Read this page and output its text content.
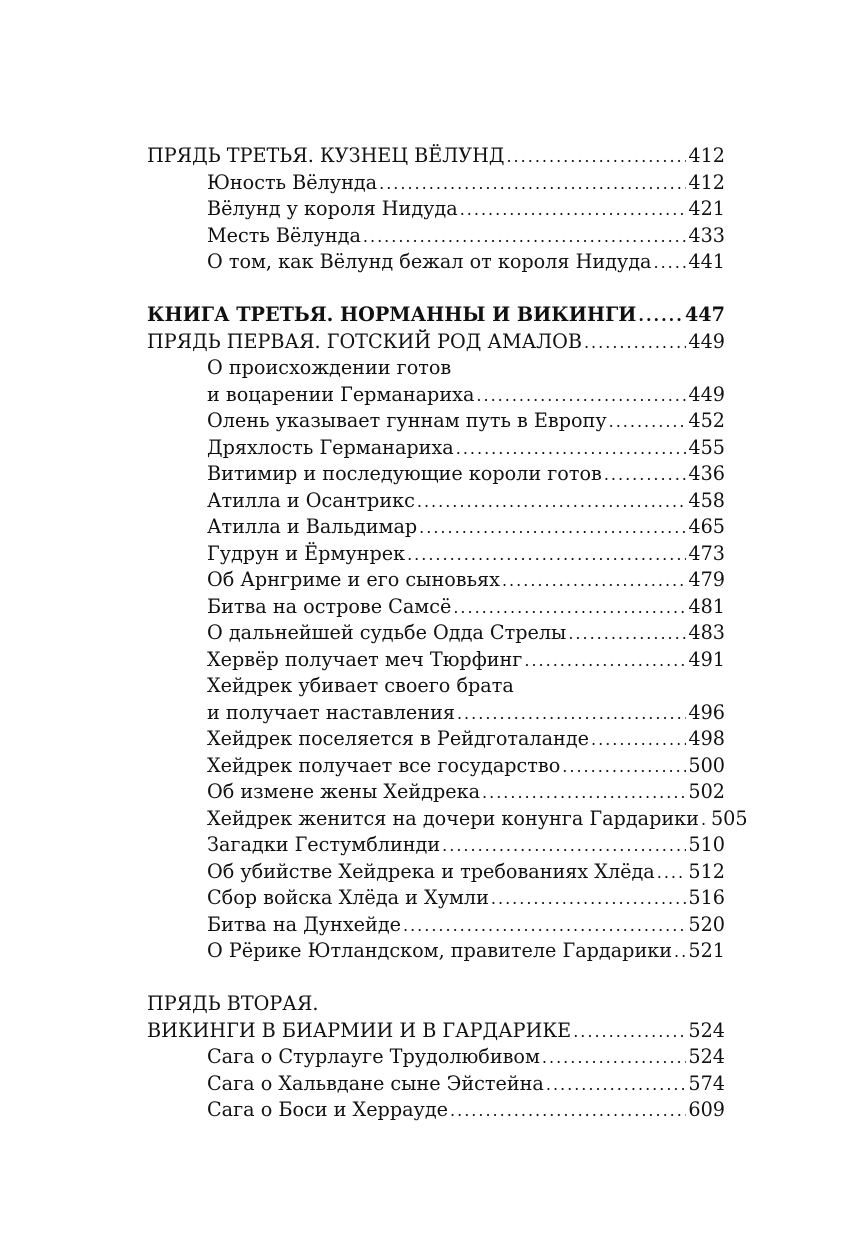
ПРЯДЬ ТРЕТЬЯ. КУЗНЕЦ ВЁЛУНД .....	412
Юность Вёлунда .....	412
Вёлунд у короля Нидуда .....	421
Месть Вёлунда .....	433
О том, как Вёлунд бежал от короля Нидуда ..... 441
КНИГА ТРЕТЬЯ. НОРМАННЫ И ВИКИНГИ .....	447
ПРЯДЬ ПЕРВАЯ. ГОТСКИЙ РОД АМАЛОВ .....	449
О происхождении готов
и воцарении Германариха .....	449
Олень указывает гуннам путь в Европу .....	452
Дряхлость Германариха .....	455
Витимир и последующие короли готов .....	436
Атилла и Осантрикс .....	458
Атилла и Вальдимар .....	465
Гудрун и Ёрмунрек .....	473
Об Арнгриме и его сыновьях .....	479
Битва на острове Самсё .....	481
О дальнейшей судьбе Одда Стрелы .....	483
Хервёр получает меч Тюрфинг .....	491
Хейдрек убивает своего брата
и получает наставления .....	496
Хейдрек поселяется в Рейдготаланде .....	498
Хейдрек получает все государство .....	500
Об измене жены Хейдрека .....	502
Хейдрек женится на дочери конунга Гардарики ..... 505
Загадки Гестумблинди .....	510
Об убийстве Хейдрека и требованиях Хлёда ..... 512
Сбор войска Хлёда и Хумли .....	516
Битва на Дунхейде .....	520
О Рёрике Ютландском, правителе Гардарики ..... 521
ПРЯДЬ ВТОРАЯ.
ВИКИНГИ В БИАРМИИ И В ГАРДАРИКЕ .....	524
Сага о Стурлауге Трудолюбивом .....	524
Сага о Хальвдане сыне Эйстейна .....	574
Сага о Боси и Херрауде .....	609
